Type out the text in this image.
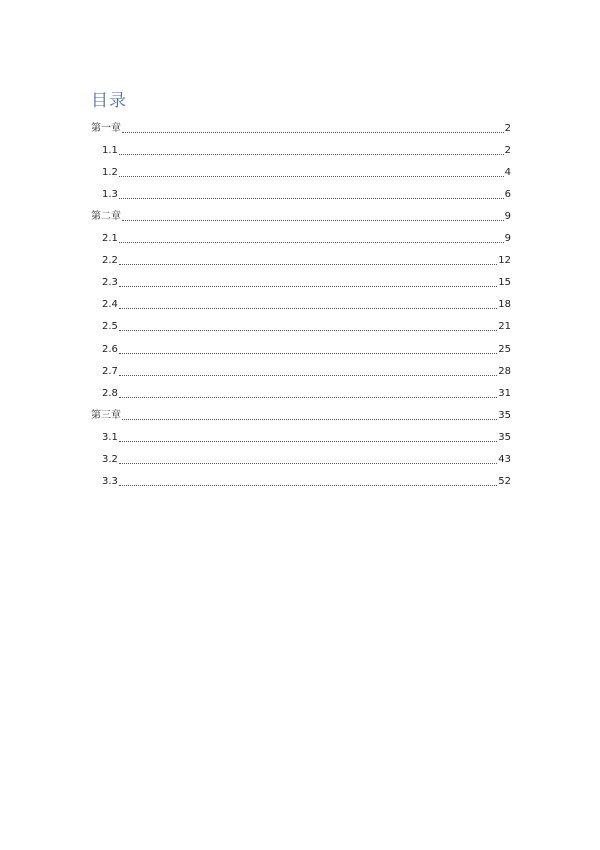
目录
第一章	2
1.1	2
1.2	4
1.3	6
第二章	9
2.1	9
2.2	12
2.3	15
2.4	18
2.5	21
2.6	25
2.7	28
2.8	31
第三章	35
3.1	35
3.2	43
3.3	52
